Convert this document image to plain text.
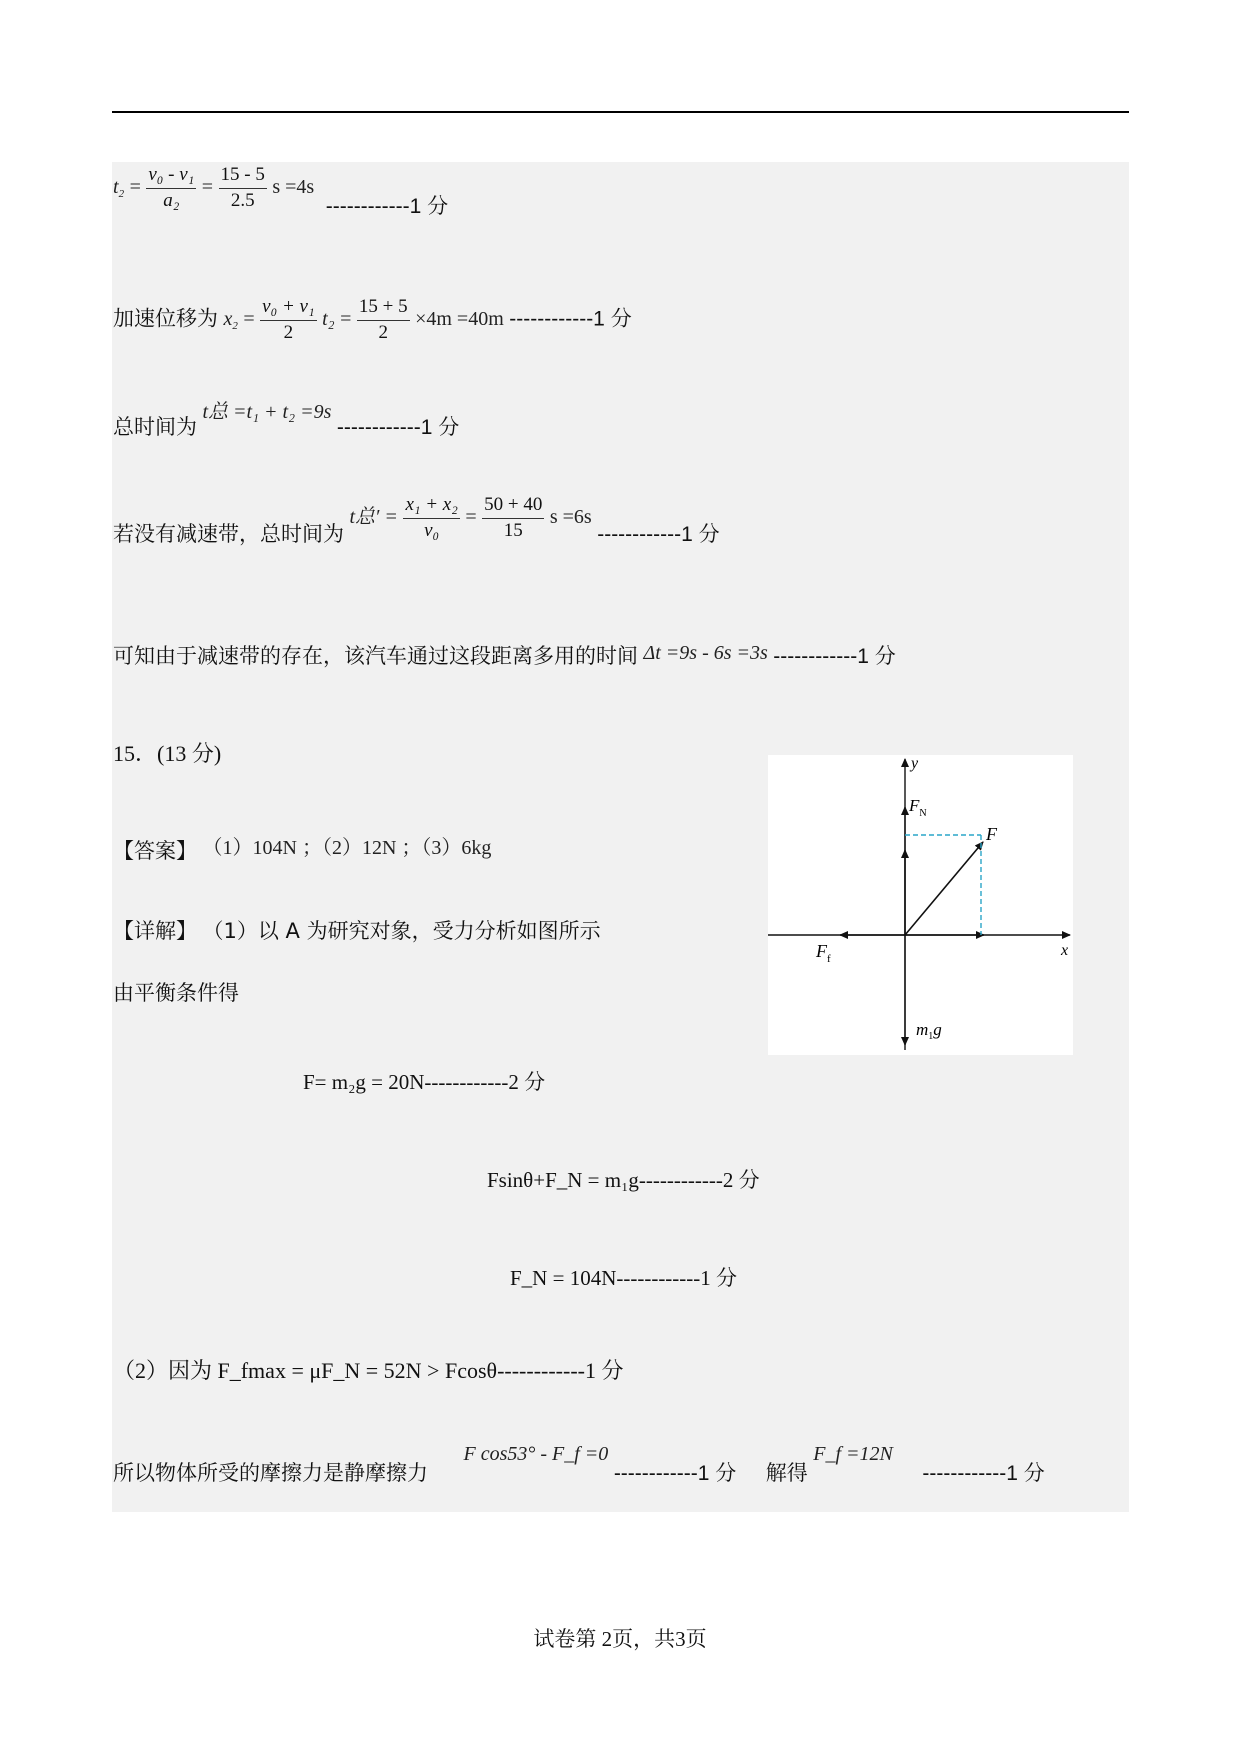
$t_2 = \frac{\text{v₀ - v₁}}{\text{a₂}} = \frac{15 - 5}{2.5}$ s =4s ------------1 分
加速位移为 $x_2 = \frac{\text{v₀ + v₁}}{2} t_2 = \frac{15 + 5}{2} \times 4m =40m$ ------------1 分
总时间为 t总 =t₁ + t₂ =9s ------------1 分
若没有减速带，总时间为 t总′ = $\frac{\text{x₁ + x₂}}{\text{v₀}} = \frac{50 + 40}{15}$ s =6s ------------1 分
可知由于减速带的存在，该汽车通过这段距离多用的时间 Δt =9s - 6s =3s ------------1 分
15．(13 分)
【答案】 （1）104N ；（2）12N ；（3）6kg
【详解】 （1）以 A 为研究对象，受力分析如图所示
由平衡条件得
F= m₂g = 20N------------2 分
Fsinθ+F_N = m₁g------------2 分
F_N = 104N------------1 分
（2）因为 F_fmax = μF_N = 52N > Fcosθ------------1 分
所以物体所受的摩擦力是静摩擦力 F cos53° - F_f =0 ------------1 分 解得 F_f =12N ------------1 分
y
x
$F_N$
F
$F_f$
$m_1g$
试卷第 2页，共3页
